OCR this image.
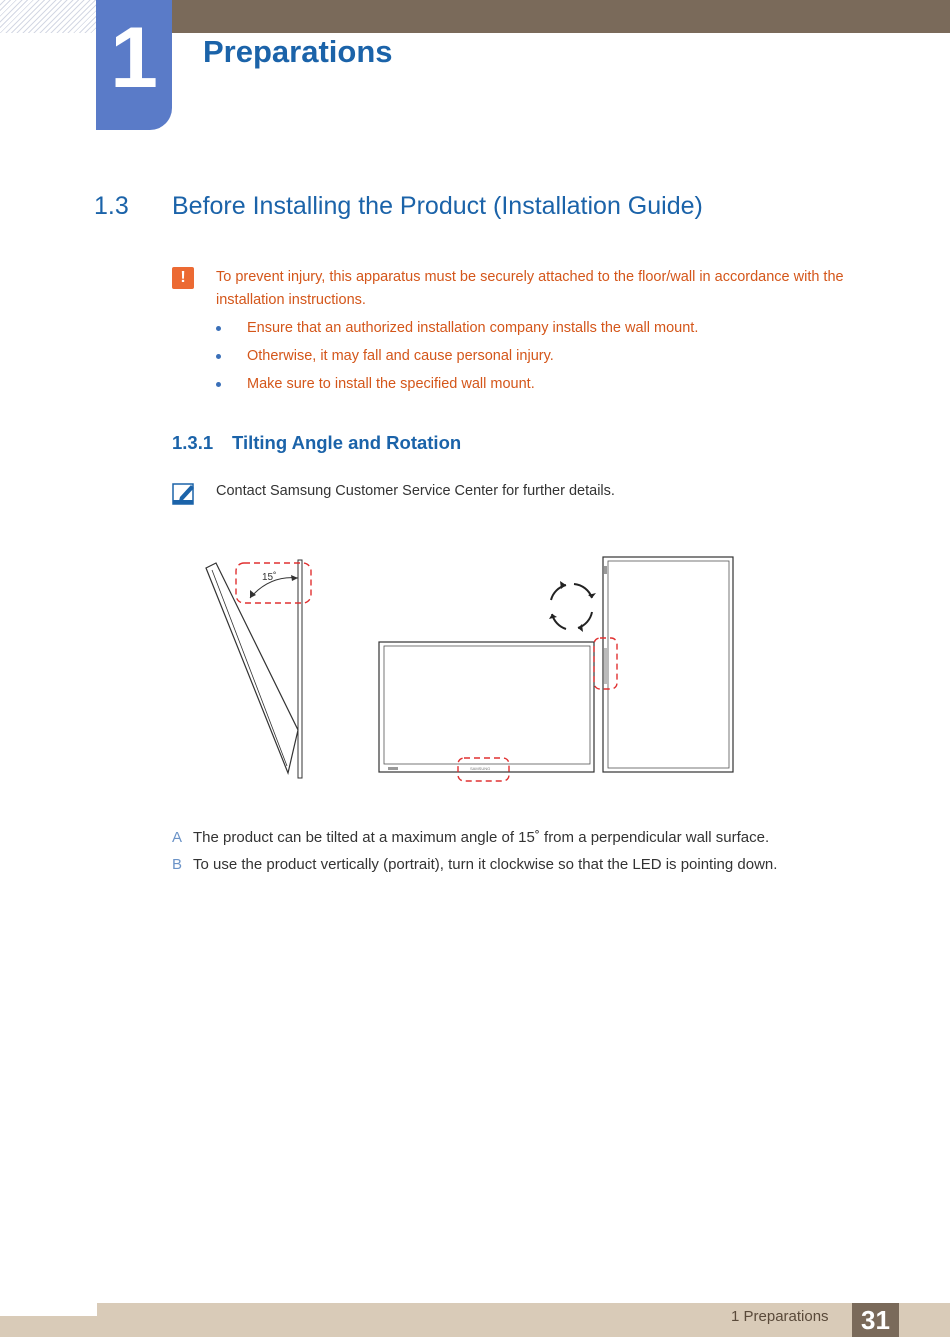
1	Preparations
1.3 Before Installing the Product (Installation Guide)
!	To prevent injury, this apparatus must be securely attached to the floor/wall in accordance with the installation instructions.
Ensure that an authorized installation company installs the wall mount.
Otherwise, it may fall and cause personal injury.
Make sure to install the specified wall mount.
1.3.1 Tilting Angle and Rotation
Contact Samsung Customer Service Center for further details.
15˚
SAMSUNG
A The product can be tilted at a maximum angle of 15˚ from a perpendicular wall surface.
B To use the product vertically (portrait), turn it clockwise so that the LED is pointing down.
1 Preparations	31
